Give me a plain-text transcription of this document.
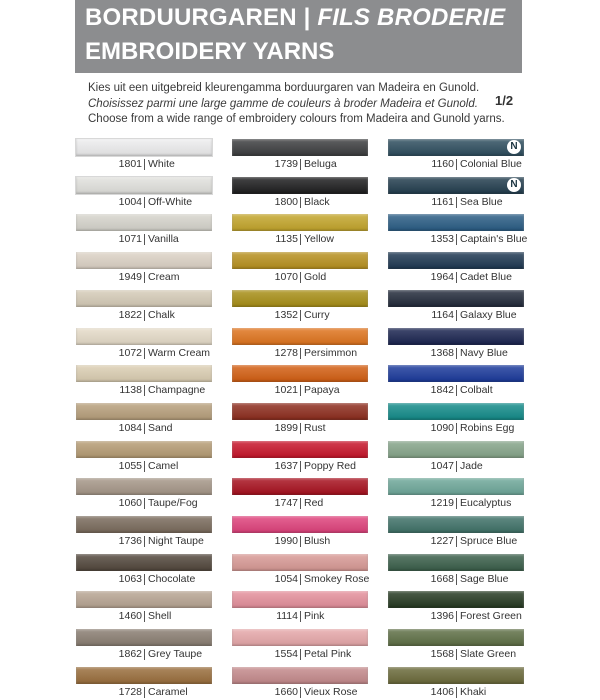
BORDUURGAREN | FILS BRODERIE
EMBROIDERY YARNS
Kies uit een uitgebreid kleurengamma borduurgaren van Madeira en Gunold.
Choisissez parmi une large gamme de couleurs à broder Madeira et Gunold.
Choose from a wide range of embroidery colours from Madeira and Gunold yarns.
1/2
1801 White
1004 Off-White
1071 Vanilla
1949 Cream
1822 Chalk
1072 Warm Cream
1138 Champagne
1084 Sand
1055 Camel
1060 Taupe/Fog
1736 Night Taupe
1063 Chocolate
1460 Shell
1862 Grey Taupe
1728 Caramel
1739 Beluga
1800 Black
1135 Yellow
1070 Gold
1352 Curry
1278 Persimmon
1021 Papaya
1899 Rust
1637 Poppy Red
1747 Red
1990 Blush
1054 Smokey Rose
1114 Pink
1554 Petal Pink
1660 Vieux Rose
N
1160 Colonial Blue
N
1161 Sea Blue
1353 Captain's Blue
1964 Cadet Blue
1164 Galaxy Blue
1368 Navy Blue
1842 Colbalt
1090 Robins Egg
1047 Jade
1219 Eucalyptus
1227 Spruce Blue
1668 Sage Blue
1396 Forest Green
1568 Slate Green
1406 Khaki
